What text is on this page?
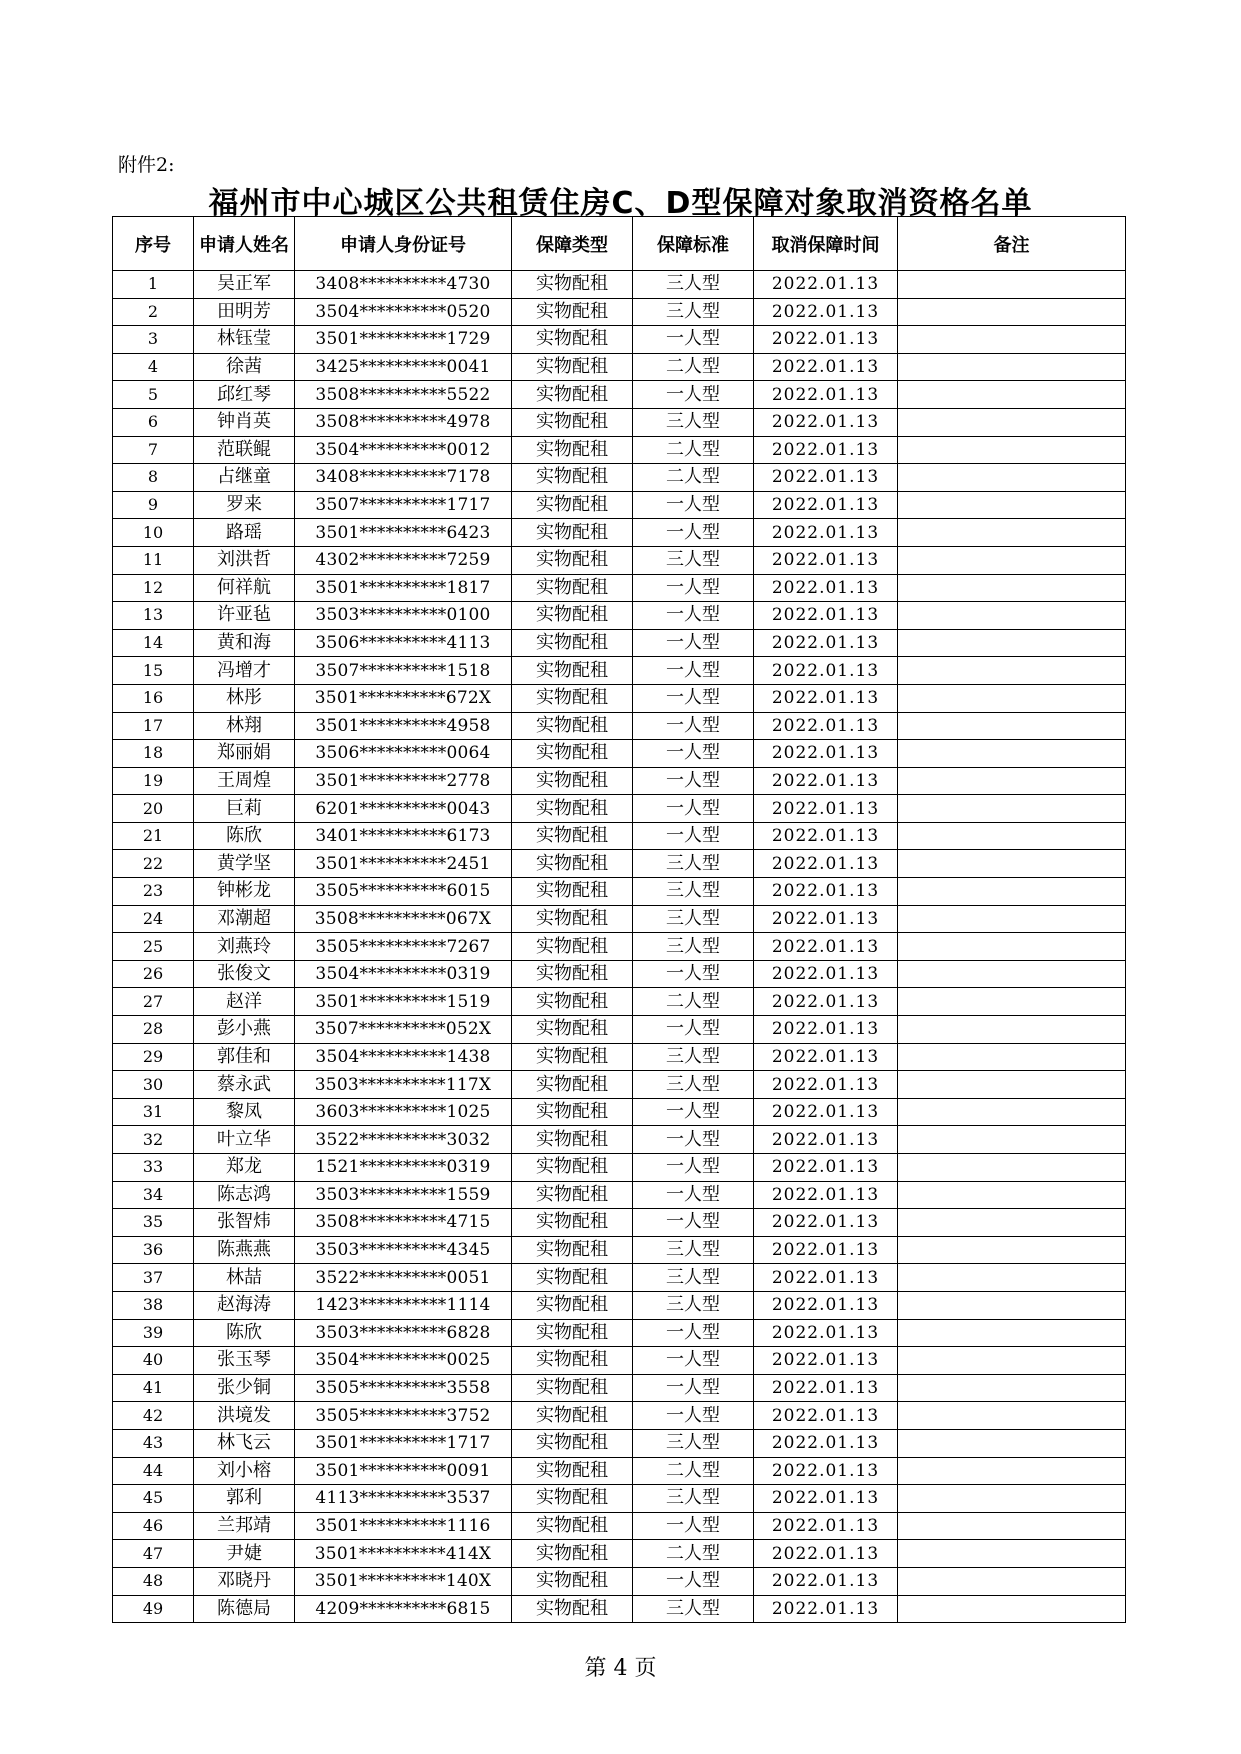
附件2:
福州市中心城区公共租赁住房C、D型保障对象取消资格名单
序号	申请人姓名	申请人身份证号	保障类型	保障标准	取消保障时间	备注
1	吴正军	3408**********4730	实物配租	三人型	2022.01.13	
2	田明芳	3504**********0520	实物配租	三人型	2022.01.13	
3	林钰莹	3501**********1729	实物配租	一人型	2022.01.13	
4	徐茜	3425**********0041	实物配租	二人型	2022.01.13	
5	邱红琴	3508**********5522	实物配租	一人型	2022.01.13	
6	钟肖英	3508**********4978	实物配租	三人型	2022.01.13	
7	范联鲲	3504**********0012	实物配租	二人型	2022.01.13	
8	占继童	3408**********7178	实物配租	二人型	2022.01.13	
9	罗来	3507**********1717	实物配租	一人型	2022.01.13	
10	路瑶	3501**********6423	实物配租	一人型	2022.01.13	
11	刘洪哲	4302**********7259	实物配租	三人型	2022.01.13	
12	何祥航	3501**********1817	实物配租	一人型	2022.01.13	
13	许亚毡	3503**********0100	实物配租	一人型	2022.01.13	
14	黄和海	3506**********4113	实物配租	一人型	2022.01.13	
15	冯增才	3507**********1518	实物配租	一人型	2022.01.13	
16	林彤	3501**********672X	实物配租	一人型	2022.01.13	
17	林翔	3501**********4958	实物配租	一人型	2022.01.13	
18	郑丽娟	3506**********0064	实物配租	一人型	2022.01.13	
19	王周煌	3501**********2778	实物配租	一人型	2022.01.13	
20	巨莉	6201**********0043	实物配租	一人型	2022.01.13	
21	陈欣	3401**********6173	实物配租	一人型	2022.01.13	
22	黄学坚	3501**********2451	实物配租	三人型	2022.01.13	
23	钟彬龙	3505**********6015	实物配租	三人型	2022.01.13	
24	邓潮超	3508**********067X	实物配租	三人型	2022.01.13	
25	刘燕玲	3505**********7267	实物配租	三人型	2022.01.13	
26	张俊文	3504**********0319	实物配租	一人型	2022.01.13	
27	赵洋	3501**********1519	实物配租	二人型	2022.01.13	
28	彭小燕	3507**********052X	实物配租	一人型	2022.01.13	
29	郭佳和	3504**********1438	实物配租	三人型	2022.01.13	
30	蔡永武	3503**********117X	实物配租	三人型	2022.01.13	
31	黎凤	3603**********1025	实物配租	一人型	2022.01.13	
32	叶立华	3522**********3032	实物配租	一人型	2022.01.13	
33	郑龙	1521**********0319	实物配租	一人型	2022.01.13	
34	陈志鸿	3503**********1559	实物配租	一人型	2022.01.13	
35	张智炜	3508**********4715	实物配租	一人型	2022.01.13	
36	陈燕燕	3503**********4345	实物配租	三人型	2022.01.13	
37	林喆	3522**********0051	实物配租	三人型	2022.01.13	
38	赵海涛	1423**********1114	实物配租	三人型	2022.01.13	
39	陈欣	3503**********6828	实物配租	一人型	2022.01.13	
40	张玉琴	3504**********0025	实物配租	一人型	2022.01.13	
41	张少铜	3505**********3558	实物配租	一人型	2022.01.13	
42	洪境发	3505**********3752	实物配租	一人型	2022.01.13	
43	林飞云	3501**********1717	实物配租	三人型	2022.01.13	
44	刘小榕	3501**********0091	实物配租	二人型	2022.01.13	
45	郭利	4113**********3537	实物配租	三人型	2022.01.13	
46	兰邦靖	3501**********1116	实物配租	一人型	2022.01.13	
47	尹婕	3501**********414X	实物配租	二人型	2022.01.13	
48	邓晓丹	3501**********140X	实物配租	一人型	2022.01.13	
49	陈德局	4209**********6815	实物配租	三人型	2022.01.13	
第 4 页
